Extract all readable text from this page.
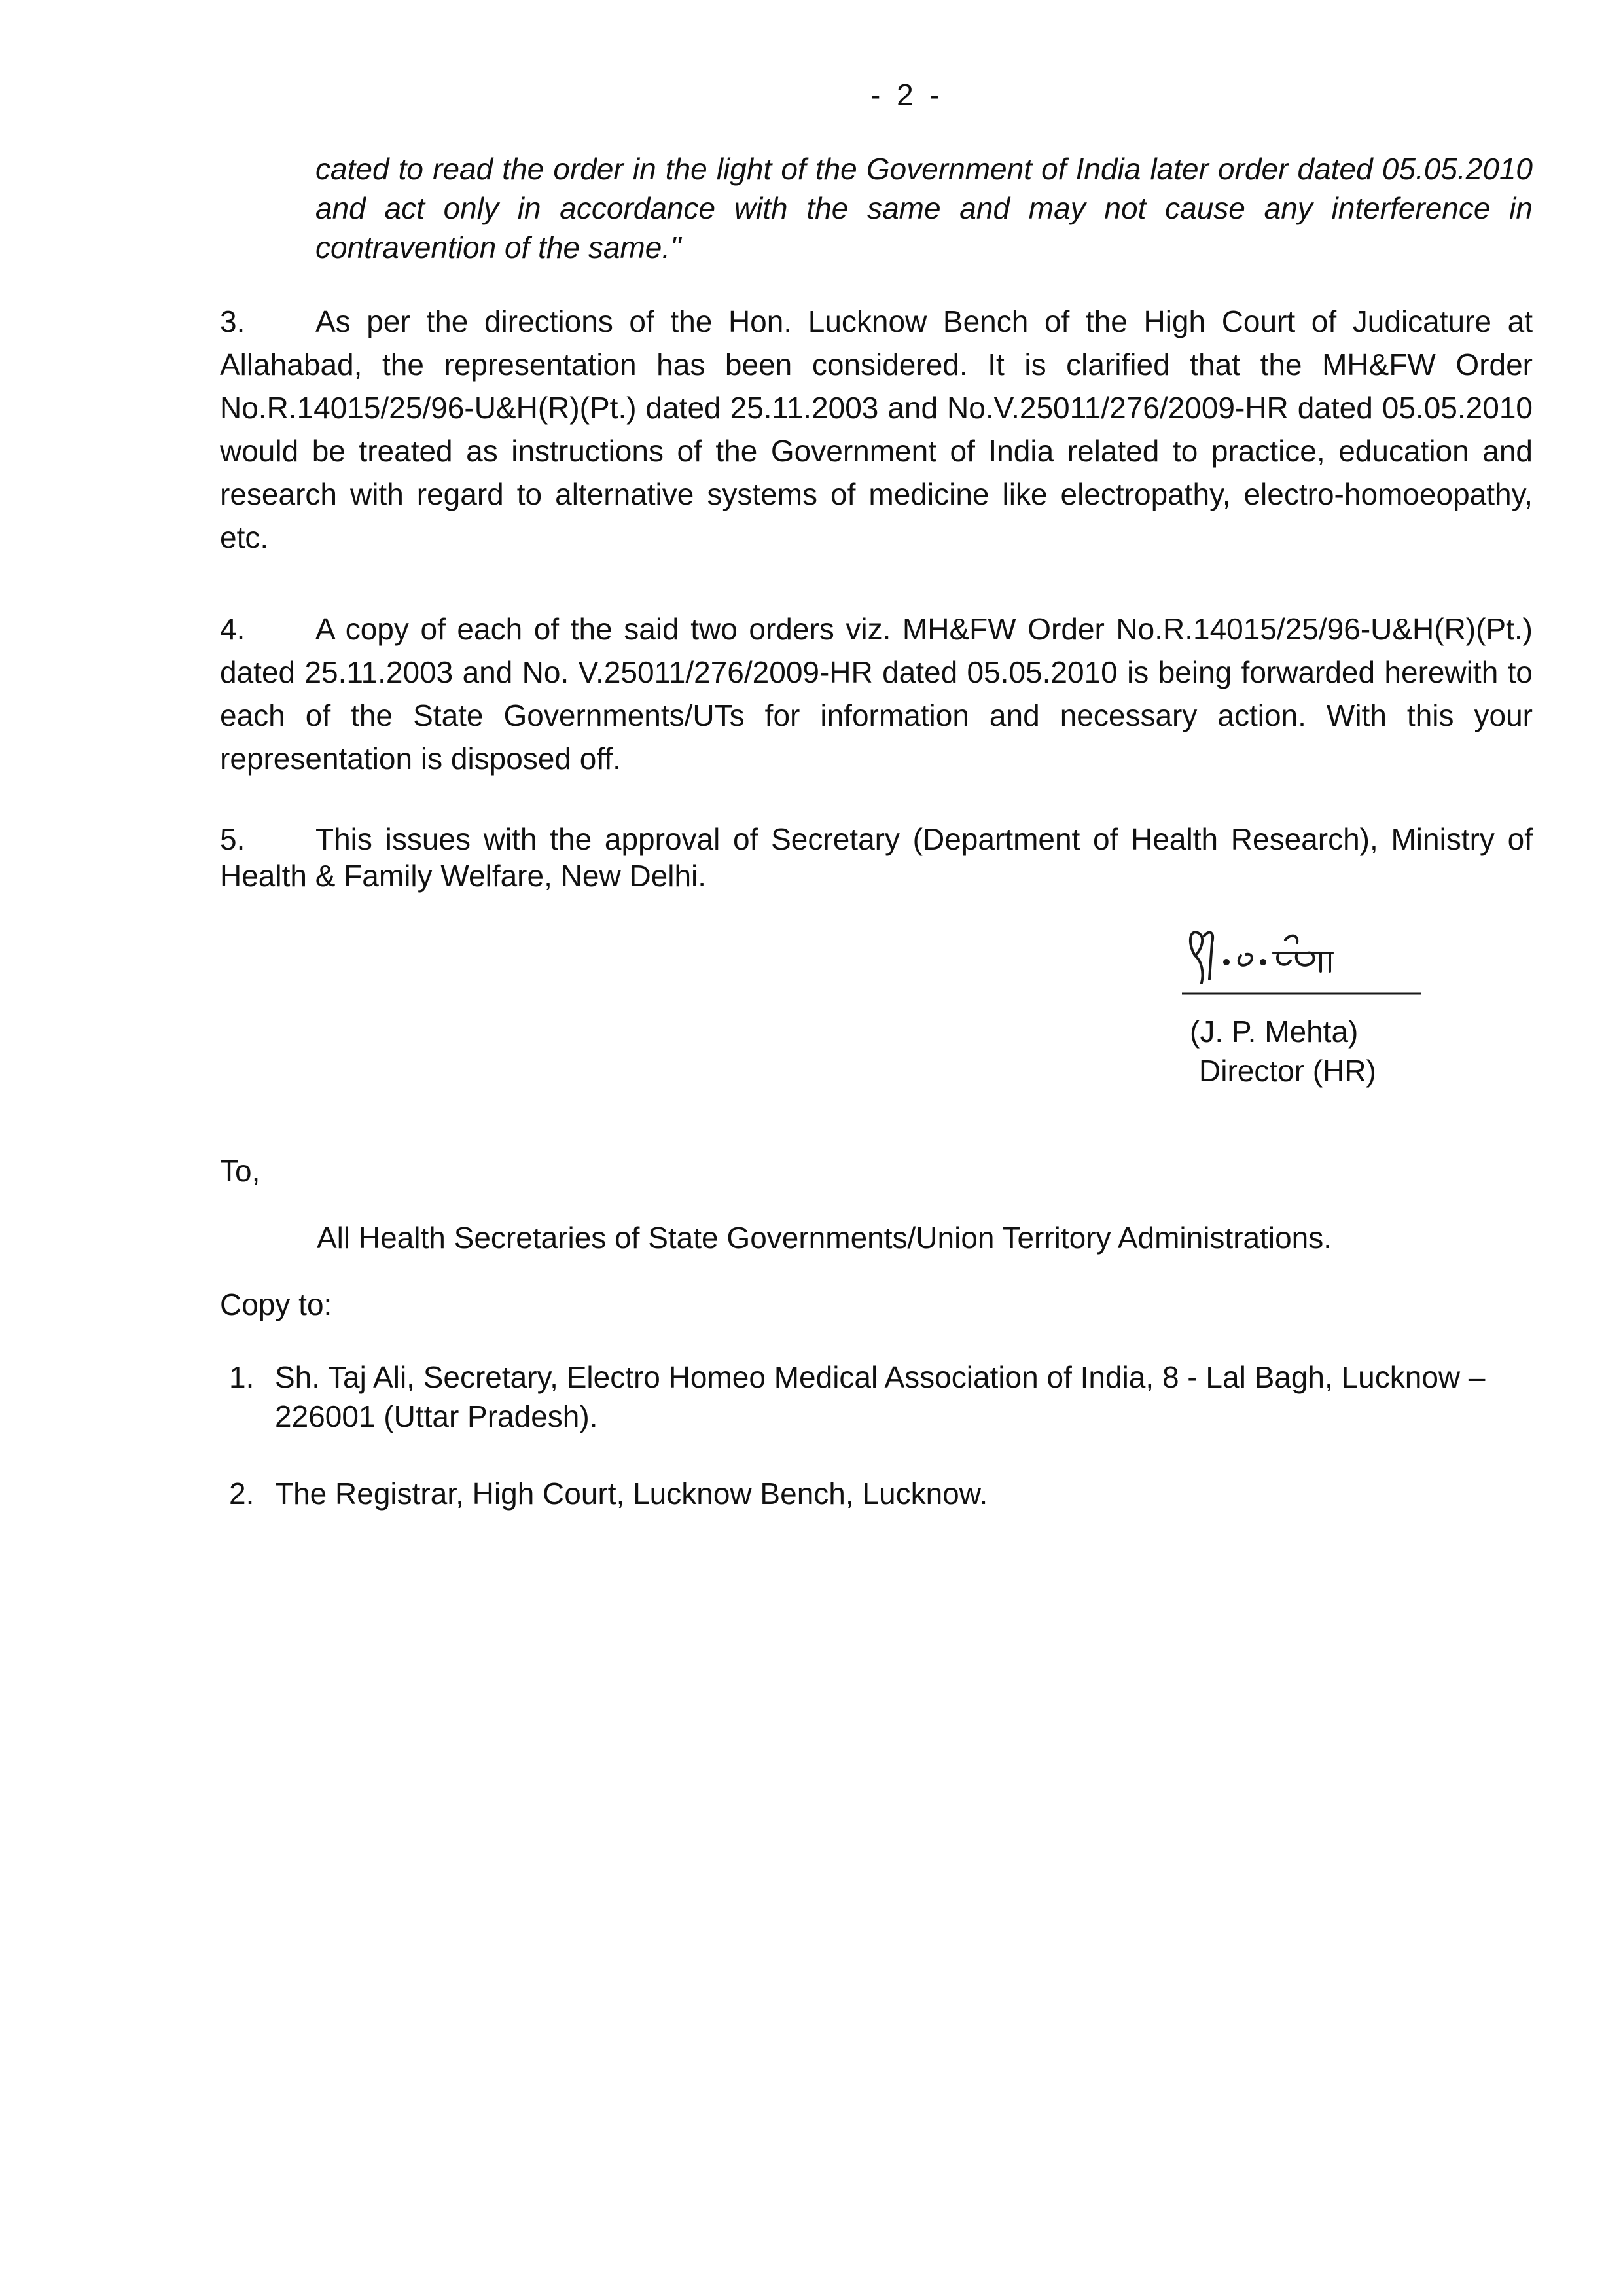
- 2 -

cated to read the order in the light of the Government of India later order dated 05.05.2010 and act only in accordance with the same and may not cause any interference in contravention of the same."

3. As per the directions of the Hon. Lucknow Bench of the High Court of Judicature at Allahabad, the representation has been considered. It is clarified that the MH&FW Order No.R.14015/25/96-U&H(R)(Pt.) dated 25.11.2003 and No.V.25011/276/2009-HR dated 05.05.2010 would be treated as instructions of the Government of India related to practice, education and research with regard to alternative systems of medicine like electropathy, electro-homoeopathy, etc.

4. A copy of each of the said two orders viz. MH&FW Order No.R.14015/25/96-U&H(R)(Pt.) dated 25.11.2003 and No. V.25011/276/2009-HR dated 05.05.2010 is being forwarded herewith to each of the State Governments/UTs for information and necessary action. With this your representation is disposed off.

5. This issues with the approval of Secretary (Department of Health Research), Ministry of Health & Family Welfare, New Delhi.

(J. P. Mehta)
Director (HR)

To,

All Health Secretaries of State Governments/Union Territory Administrations.

Copy to:

1. Sh. Taj Ali, Secretary, Electro Homeo Medical Association of India, 8 - Lal Bagh, Lucknow – 226001 (Uttar Pradesh).
2. The Registrar, High Court, Lucknow Bench, Lucknow.
